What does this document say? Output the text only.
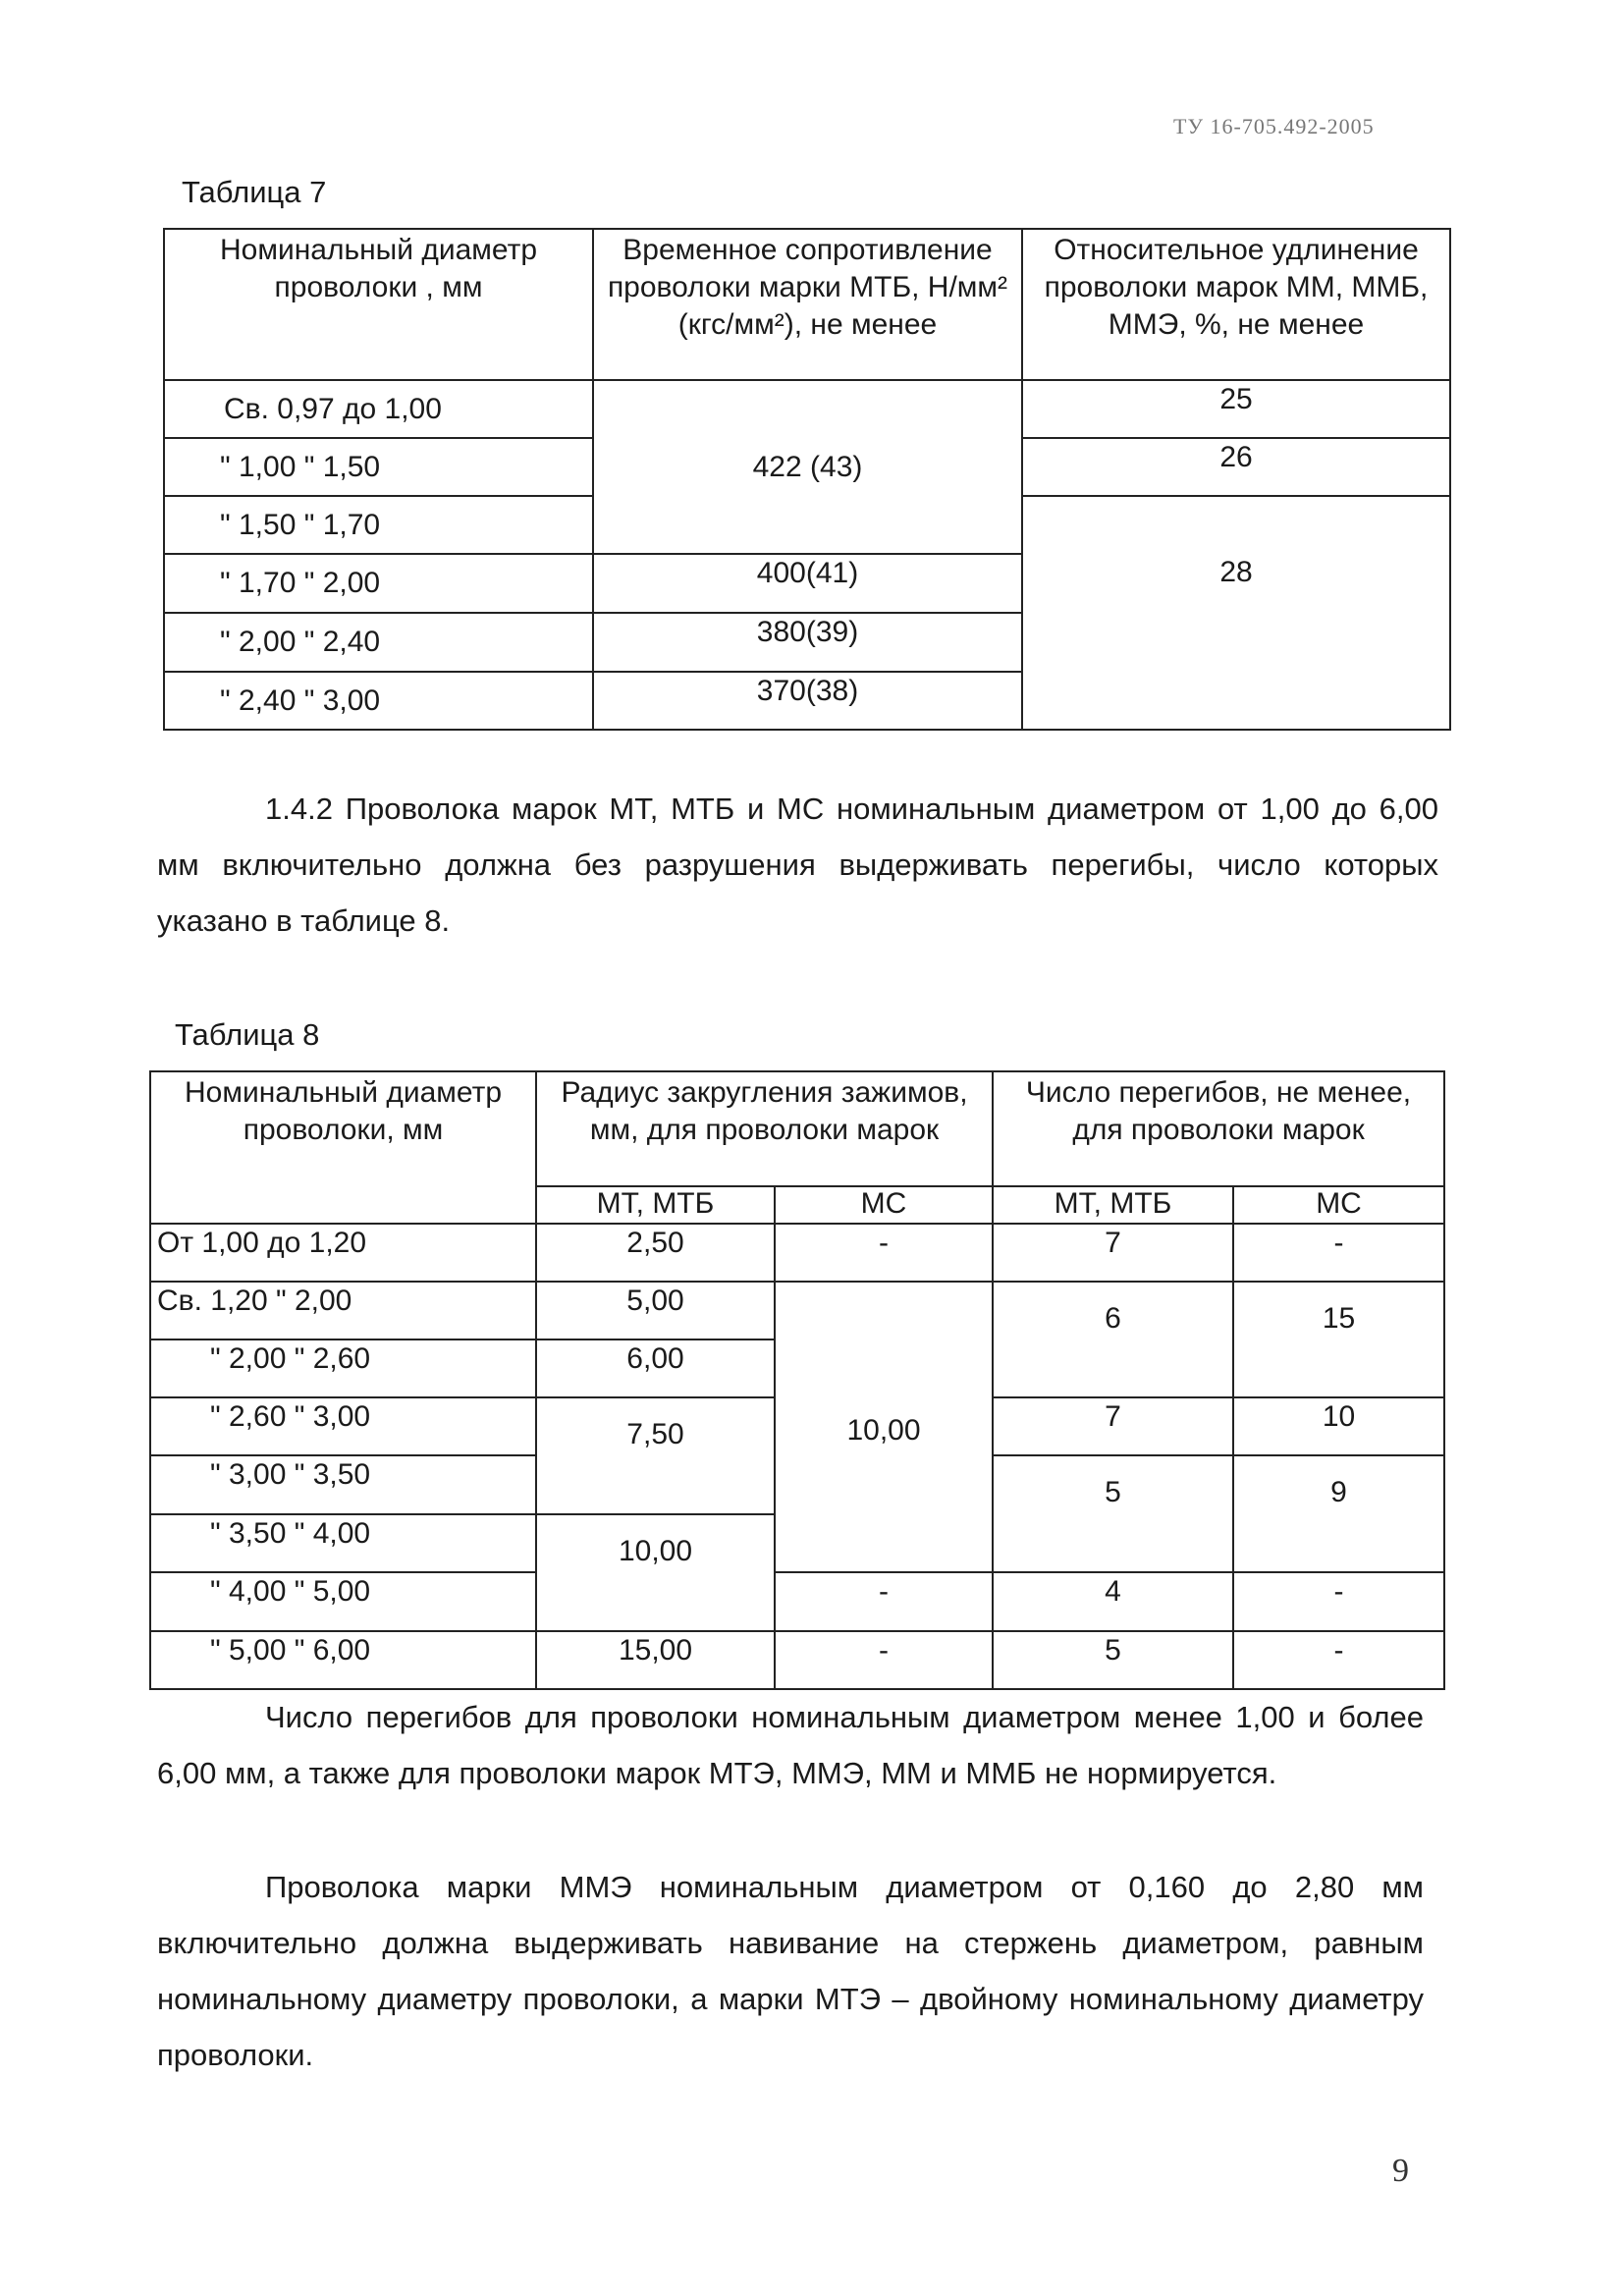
ТУ 16-705.492-2005
Таблица 7
Номинальный диаметр проволоки , мм	Временное сопротивление проволоки марки МТБ, Н/мм² (кгс/мм²), не менее	Относительное удлинение проволоки марок ММ, ММБ, ММЭ, %, не менее
Св. 0,97 до 1,00	422 (43)	25
" 1,00 " 1,50		26
" 1,50 " 1,70		28
" 1,70 " 2,00	400(41)	
" 2,00 " 2,40	380(39)	
" 2,40 " 3,00	370(38)	
1.4.2 Проволока марок МТ, МТБ и МС номинальным диаметром от 1,00 до 6,00 мм включительно должна без разрушения выдерживать перегибы, число которых указано в таблице 8.
Таблица 8
Номинальный диаметр проволоки, мм	Радиус закругления зажимов, мм, для проволоки марок		Число перегибов, не менее, для проволоки марок	
	МТ, МТБ	МС	МТ, МТБ	МС
От 1,00 до 1,20	2,50	-	7	-
Св. 1,20 " 2,00	5,00	10,00	6	15
" 2,00 " 2,60	6,00			
" 2,60 " 3,00	7,50		7	10
" 3,00 " 3,50			5	9
" 3,50 " 4,00	10,00			
" 4,00 " 5,00		-	4	-
" 5,00 " 6,00	15,00	-	5	-
Число перегибов для проволоки номинальным диаметром менее 1,00 и более 6,00 мм, а также для проволоки марок МТЭ, ММЭ, ММ и ММБ не нормируется.
Проволока марки ММЭ номинальным диаметром от 0,160 до 2,80 мм включительно должна выдерживать навивание на стержень диаметром, равным номинальному диаметру проволоки, а марки МТЭ – двойному номинальному диаметру проволоки.
9
